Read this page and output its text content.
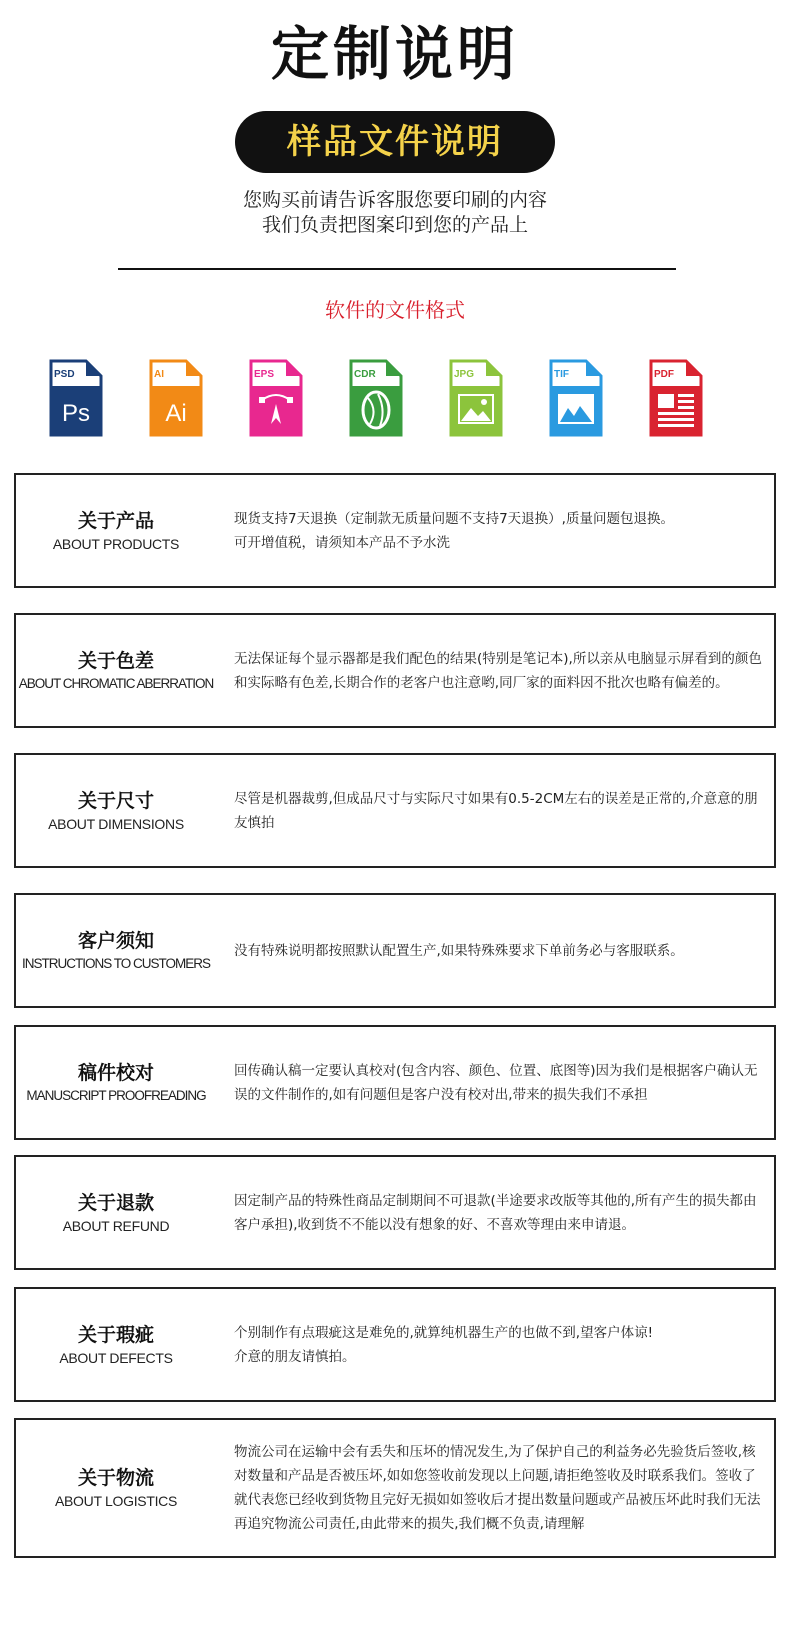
定制说明
样品文件说明
您购买前请告诉客服您要印刷的内容
我们负责把图案印到您的产品上
软件的文件格式
PSD
Ps
AI
Ai
EPS	CDR	JPG	TIF	PDF
关于产品
ABOUT PRODUCTS
现货支持7天退换（定制款无质量问题不支持7天退换）,质量问题包退换。
可开增值税，请须知本产品不予水洗
关于色差
ABOUT CHROMATIC ABERRATION
无法保证每个显示器都是我们配色的结果(特别是笔记本),所以亲从电脑显示屏看到的颜色和实际略有色差,长期合作的老客户也注意哟,同厂家的面料因不批次也略有偏差的。
关于尺寸
ABOUT DIMENSIONS
尽管是机器裁剪,但成品尺寸与实际尺寸如果有0.5-2CM左右的误差是正常的,介意意的朋友慎拍
客户须知
INSTRUCTIONS TO CUSTOMERS
没有特殊说明都按照默认配置生产,如果特殊殊要求下单前务必与客服联系。
稿件校对
MANUSCRIPT PROOFREADING
回传确认稿一定要认真校对(包含内容、颜色、位置、底图等)因为我们是根据客户确认无误的文件制作的,如有问题但是客户没有校对出,带来的损失我们不承担
关于退款
ABOUT REFUND
因定制产品的特殊性商品定制期间不可退款(半途要求改版等其他的,所有产生的损失都由客户承担),收到货不不能以没有想象的好、不喜欢等理由来申请退。
关于瑕疵
ABOUT DEFECTS
个别制作有点瑕疵这是难免的,就算纯机器生产的也做不到,望客户体谅!
介意的朋友请慎拍。
关于物流
ABOUT LOGISTICS
物流公司在运输中会有丢失和压坏的情况发生,为了保护自己的利益务必先验货后签收,核对数量和产品是否被压坏,如如您签收前发现以上问题,请拒绝签收及时联系我们。签收了就代表您已经收到货物且完好无损如如签收后才提出数量问题或产品被压坏此时我们无法再追究物流公司责任,由此带来的损失,我们概不负责,请理解
